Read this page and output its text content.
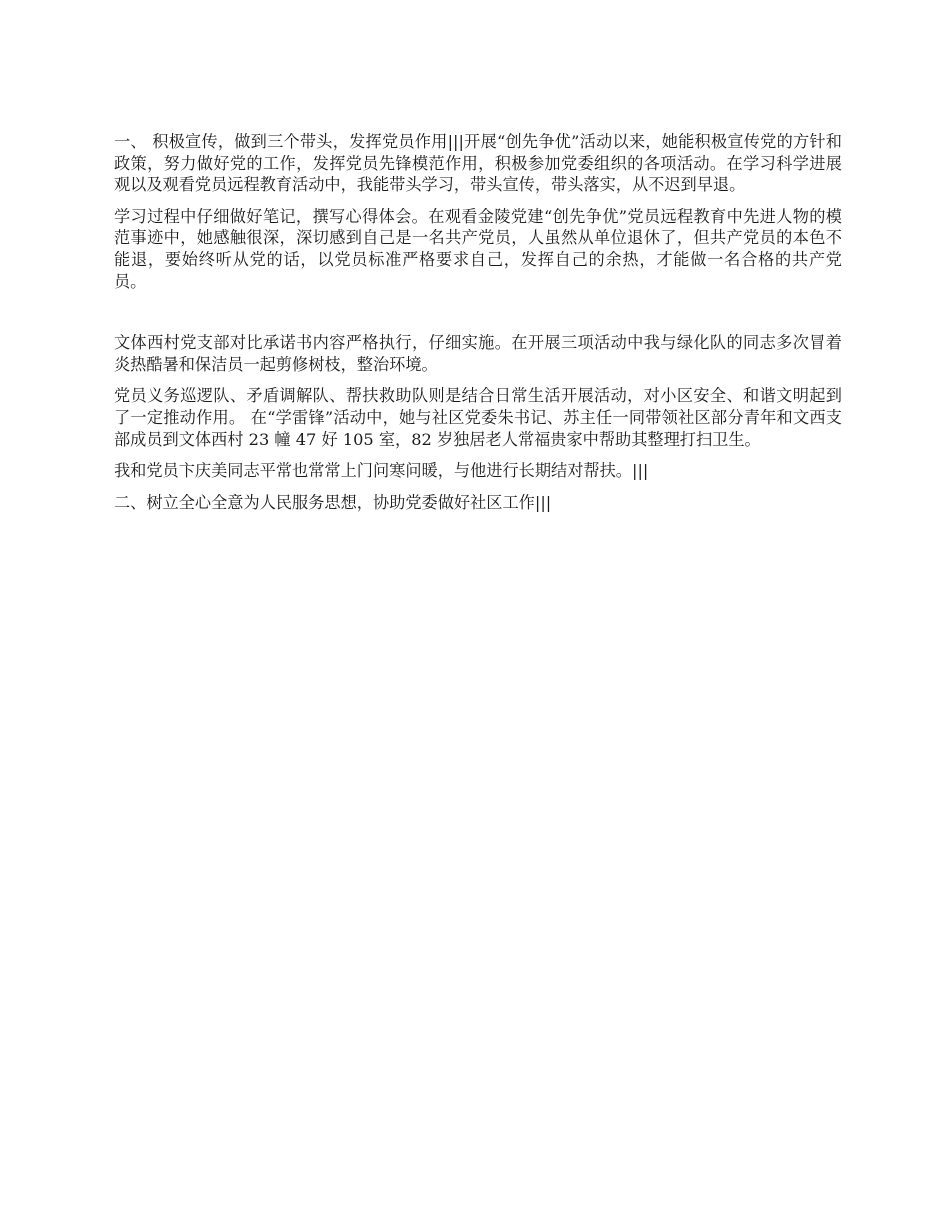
一、 积极宣传，做到三个带头，发挥党员作用|||开展“创先争优”活动以来，她能积极宣传党的方针和政策，努力做好党的工作，发挥党员先锋模范作用，积极参加党委组织的各项活动。在学习科学进展观以及观看党员远程教育活动中，我能带头学习，带头宣传，带头落实，从不迟到早退。

学习过程中仔细做好笔记，撰写心得体会。在观看金陵党建“创先争优”党员远程教育中先进人物的模范事迹中，她感触很深，深切感到自己是一名共产党员，人虽然从单位退休了，但共产党员的本色不能退，要始终听从党的话，以党员标准严格要求自己，发挥自己的余热，才能做一名合格的共产党员。

文体西村党支部对比承诺书内容严格执行，仔细实施。在开展三项活动中我与绿化队的同志多次冒着炎热酷暑和保洁员一起剪修树枝，整治环境。

党员义务巡逻队、矛盾调解队、帮扶救助队则是结合日常生活开展活动，对小区安全、和谐文明起到了一定推动作用。 在“学雷锋”活动中，她与社区党委朱书记、苏主任一同带领社区部分青年和文西支部成员到文体西村 23 幢 47 好 105 室，82 岁独居老人常福贵家中帮助其整理打扫卫生。

我和党员卞庆美同志平常也常常上门问寒问暖，与他进行长期结对帮扶。|||

二、树立全心全意为人民服务思想，协助党委做好社区工作|||
